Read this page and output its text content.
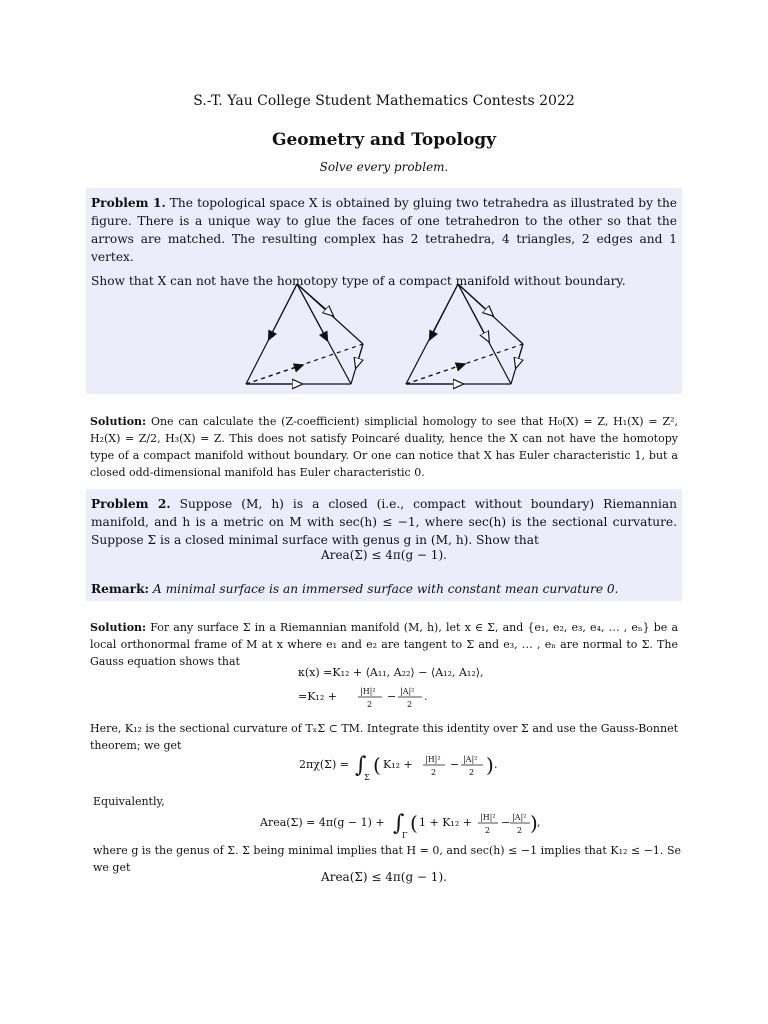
S.-T. Yau College Student Mathematics Contests 2022
Geometry and Topology
Solve every problem.

Problem 1. The topological space X is obtained by gluing two tetrahedra as illustrated by the figure. There is a unique way to glue the faces of one tetrahedron to the other so that the arrows are matched. The resulting complex has 2 tetrahedra, 4 triangles, 2 edges and 1 vertex.

Show that X can not have the homotopy type of a compact manifold without boundary.

Solution: One can calculate the (Z-coefficient) simplicial homology to see that H₀(X) = Z, H₁(X) = Z², H₂(X) = Z/2, H₃(X) = Z. This does not satisfy Poincaré duality, hence the X can not have the homotopy type of a compact manifold without boundary. Or one can notice that X has Euler characteristic 1, but a closed odd-dimensional manifold has Euler characteristic 0.

Problem 2. Suppose (M, h) is a closed (i.e., compact without boundary) Riemannian manifold, and h is a metric on M with sec(h) ≤ −1, where sec(h) is the sectional curvature. Suppose Σ is a closed minimal surface with genus g in (M, h). Show that

Area(Σ) ≤ 4π(g − 1).
Remark: A minimal surface is an immersed surface with constant mean curvature 0.

Solution: For any surface Σ in a Riemannian manifold (M, h), let x ∈ Σ, and {e₁, e₂, e₃, e₄, … , eₙ} be a local orthonormal frame of M at x where e₁ and e₂ are tangent to Σ and e₃, … , eₙ are normal to Σ. The Gauss equation shows that

κ(x) =K₁₂ + ⟨A₁₁, A₂₂⟩ − ⟨A₁₂, A₁₂⟩,
=K₁₂ +	|H|²
2
− |A|²
2
.

Here, K₁₂ is the sectional curvature of TₓΣ ⊂ TM. Integrate this identity over Σ and use the Gauss-Bonnet theorem; we get

2πχ(Σ) = ∫
Σ
( K₁₂ + |H|²
2
− |A|²
2 ) .

Equivalently,

Area(Σ) = 4π(g − 1) + ∫
Γ
( 1 + K₁₂ + |H|²
2
− |A|²
2 ) ,

where g is the genus of Σ. Σ being minimal implies that H = 0, and sec(h) ≤ −1 implies that K₁₂ ≤ −1. Se we get

Area(Σ) ≤ 4π(g − 1).
